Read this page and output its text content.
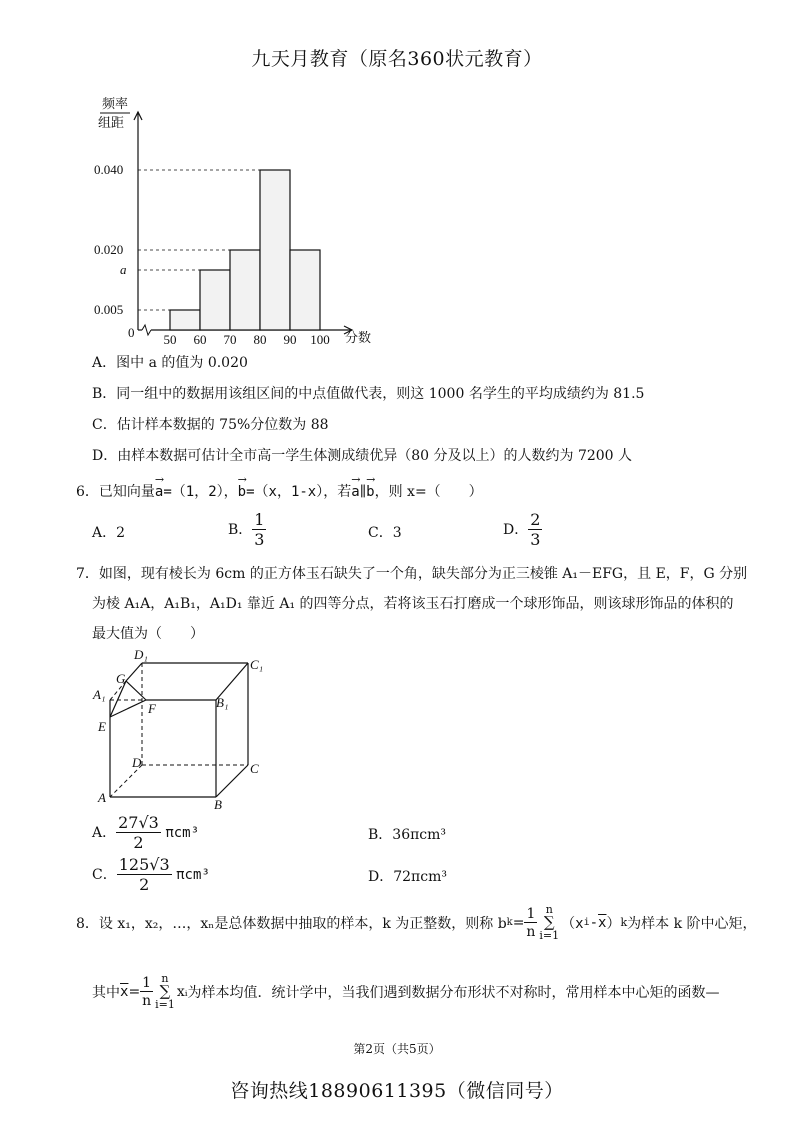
九天月教育（原名360状元教育）
频率
组距
分数
0
0.040
0.020
a
0.005
50 60 70 80 90 100
A．图中 a 的值为 0.020
B．同一组中的数据用该组区间的中点值做代表，则这 1000 名学生的平均成绩约为 81.5
C．估计样本数据的 75%分位数为 88
D．由样本数据可估计全市高一学生体测成绩优异（80 分及以上）的人数约为 7200 人
6．已知向量
→
a=（1，2），
→
b=（x，1-x），若
→
a∥
→
b，则 x=（　　）
A．2	B． $\frac{1}{3}$	C．3	D． $\frac{2}{3}$
7．如图，现有棱长为 6cm 的正方体玉石缺失了一个角，缺失部分为正三棱锥 A₁－EFG，且 E，F，G 分别
为棱 A₁A，A₁B₁，A₁D₁ 靠近 A₁ 的四等分点，若将该玉石打磨成一个球形饰品，则该球形饰品的体积的
最大值为（　　）
D₁
C₁
G
A₁
F	B₁
E
D	C
A	B
A． $\frac{27√3}{2} \pi cm^3$	B．36πcm³
C． $\frac{125√3}{2} \pi cm^3$	D．72πcm³
8．设 x₁，x₂，…，xₙ是总体数据中抽取的样本，k 为正整数，则称 b $k = \frac{1}{n}$ n
∑
i=1
（x i - $\overline{x}$ ） k 为样本 k 阶中心矩，
其中 $\overline{x} = \frac{1}{n}$ n
∑
i=1
xᵢ 为样本均值．统计学中，当我们遇到数据分布形状不对称时，常用样本中心矩的函数—
第2页（共5页）
咨询热线18890611395（微信同号）
